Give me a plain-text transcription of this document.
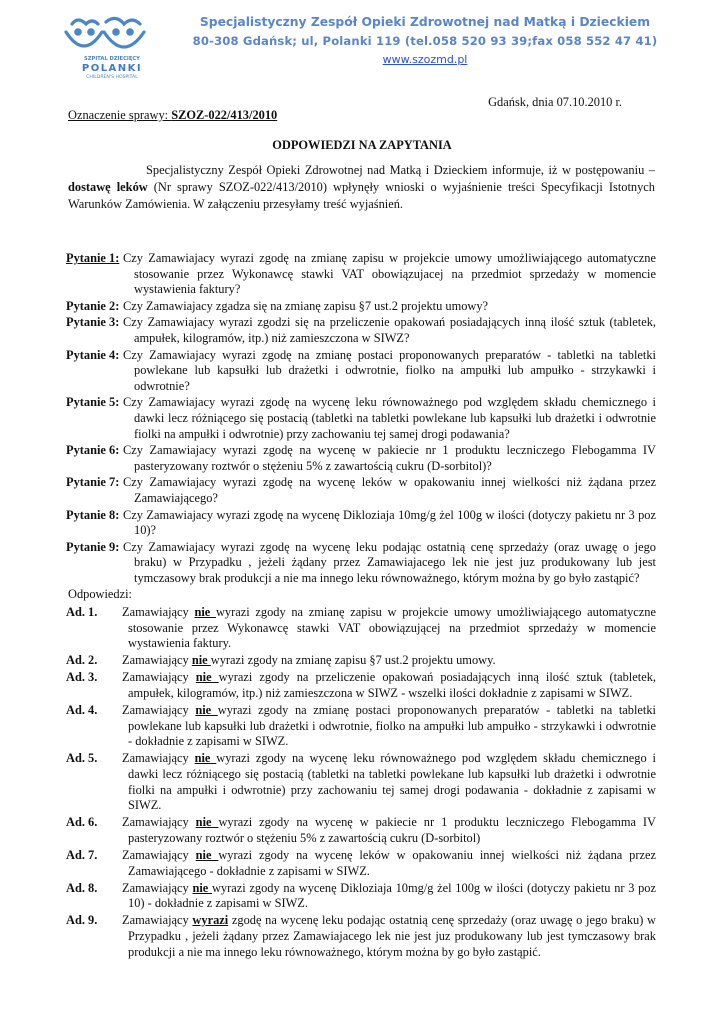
SZPITAL DZIECIĘCY
POLANKI
CHILDREN'S HOSPITAL
Specjalistyczny Zespół Opieki Zdrowotnej nad Matką i Dzieckiem
80-308 Gdańsk; ul, Polanki 119 (tel.058 520 93 39;fax 058 552 47 41)
www.szozmd.pl
Gdańsk, dnia 07.10.2010 r.
Oznaczenie sprawy: SZOZ-022/413/2010
ODPOWIEDZI NA ZAPYTANIA
Specjalistyczny Zespół Opieki Zdrowotnej nad Matką i Dzieckiem informuje, iż w postępowaniu – dostawę leków (Nr sprawy SZOZ-022/413/2010) wpłynęły wnioski o wyjaśnienie treści Specyfikacji Istotnych Warunków Zamówienia. W załączeniu przesyłamy treść wyjaśnień.
Pytanie 1: Czy Zamawiajacy wyrazi zgodę na zmianę zapisu w projekcie umowy umożliwiającego automatyczne stosowanie przez Wykonawcę stawki VAT obowiązujacej na przedmiot sprzedaży w momencie wystawienia faktury?
Pytanie 2: Czy Zamawiajacy zgadza się na zmianę zapisu §7 ust.2 projektu umowy?
Pytanie 3: Czy Zamawiajacy wyrazi zgodzi się na przeliczenie opakowań posiadających inną ilość sztuk (tabletek, ampułek, kilogramów, itp.) niż zamieszczona w SIWZ?
Pytanie 4: Czy Zamawiajacy wyrazi zgodę na zmianę postaci proponowanych preparatów - tabletki na tabletki powlekane lub kapsułki lub drażetki i odwrotnie, fiolko na ampułki lub ampułko - strzykawki i odwrotnie?
Pytanie 5: Czy Zamawiajacy wyrazi zgodę na wycenę leku równoważnego pod względem składu chemicznego i dawki lecz różniącego się postacią (tabletki na tabletki powlekane lub kapsułki lub drażetki i odwrotnie fiolki na ampułki i odwrotnie) przy zachowaniu tej samej drogi podawania?
Pytanie 6: Czy Zamawiajacy wyrazi zgodę na wycenę w pakiecie nr 1 produktu leczniczego Flebogamma IV pasteryzowany roztwór o stężeniu 5% z zawartością cukru (D-sorbitol)?
Pytanie 7: Czy Zamawiajacy wyrazi zgodę na wycenę leków w opakowaniu innej wielkości niż żądana przez Zamawiającego?
Pytanie 8: Czy Zamawiajacy wyrazi zgodę na wycenę Dikloziaja 10mg/g żel 100g w ilości (dotyczy pakietu nr 3 poz 10)?
Pytanie 9: Czy Zamawiajacy wyrazi zgodę na wycenę leku podając ostatnią cenę sprzedaży (oraz uwagę o jego braku) w Przypadku , jeżeli żądany przez Zamawiajacego lek nie jest juz produkowany lub jest tymczasowy brak produkcji a nie ma innego leku równoważnego, którym można by go było zastąpić?
Odpowiedzi:
Ad. 1. Zamawiający nie wyrazi zgody na zmianę zapisu w projekcie umowy umożliwiającego automatyczne stosowanie przez Wykonawcę stawki VAT obowiązującej na przedmiot sprzedaży w momencie wystawienia faktury.
Ad. 2. Zamawiający nie wyrazi zgody na zmianę zapisu §7 ust.2 projektu umowy.
Ad. 3. Zamawiający nie wyrazi zgody na przeliczenie opakowań posiadających inną ilość sztuk (tabletek, ampułek, kilogramów, itp.) niż zamieszczona w SIWZ - wszelki ilości dokładnie z zapisami w SIWZ.
Ad. 4. Zamawiający nie wyrazi zgody na zmianę postaci proponowanych preparatów - tabletki na tabletki powlekane lub kapsułki lub drażetki i odwrotnie, fiolko na ampułki lub ampułko - strzykawki i odwrotnie - dokładnie z zapisami w SIWZ.
Ad. 5. Zamawiający nie wyrazi zgody na wycenę leku równoważnego pod względem składu chemicznego i dawki lecz różniącego się postacią (tabletki na tabletki powlekane lub kapsułki lub drażetki i odwrotnie fiolki na ampułki i odwrotnie) przy zachowaniu tej samej drogi podawania - dokładnie z zapisami w SIWZ.
Ad. 6. Zamawiający nie wyrazi zgody na wycenę w pakiecie nr 1 produktu leczniczego Flebogamma IV pasteryzowany roztwór o stężeniu 5% z zawartością cukru (D-sorbitol)
Ad. 7. Zamawiający nie wyrazi zgody na wycenę leków w opakowaniu innej wielkości niż żądana przez Zamawiającego - dokładnie z zapisami w SIWZ.
Ad. 8. Zamawiający nie wyrazi zgody na wycenę Dikloziaja 10mg/g żel 100g w ilości (dotyczy pakietu nr 3 poz 10) - dokładnie z zapisami w SIWZ.
Ad. 9. Zamawiający wyrazi zgodę na wycenę leku podając ostatnią cenę sprzedaży (oraz uwagę o jego braku) w Przypadku , jeżeli żądany przez Zamawiajacego lek nie jest juz produkowany lub jest tymczasowy brak produkcji a nie ma innego leku równoważnego, którym można by go było zastąpić.
